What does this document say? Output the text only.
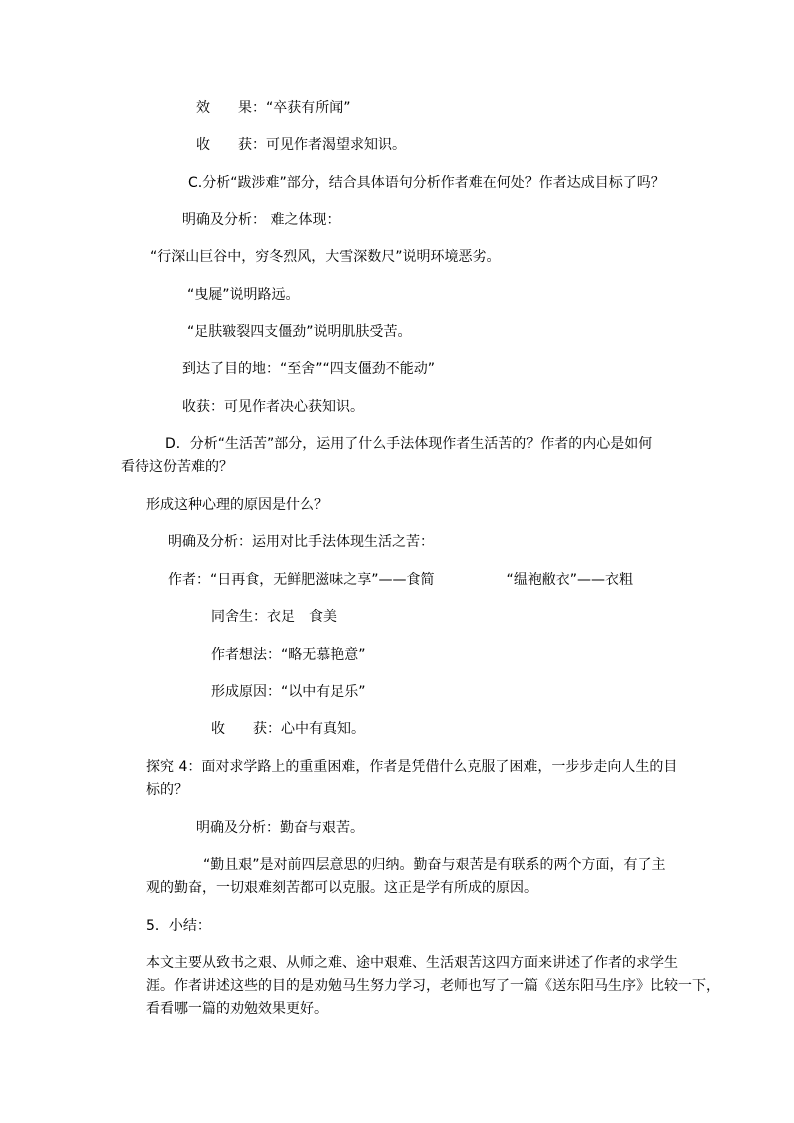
效 果：“卒获有所闻”

收 获：可见作者渴望求知识。

C.分析“跋涉难”部分，结合具体语句分析作者难在何处？作者达成目标了吗？

明确及分析： 难之体现：

“行深山巨谷中，穷冬烈风，大雪深数尺”说明环境恶劣。

“曳屣”说明路远。

“足肤皲裂四支僵劲”说明肌肤受苦。

到达了目的地：“至舍”“四支僵劲不能动”

收获：可见作者决心获知识。

D．分析“生活苦”部分，运用了什么手法体现作者生活苦的？作者的内心是如何

看待这份苦难的？

形成这种心理的原因是什么？

明确及分析：运用对比手法体现生活之苦：

作者：“日再食，无鲜肥滋味之享”——食简	“缊袍敝衣”——衣粗

同舍生：衣足 食美

作者想法：“略无慕艳意”

形成原因：“以中有足乐”

收 获：心中有真知。

探究 4：面对求学路上的重重困难，作者是凭借什么克服了困难，一步步走向人生的目

标的？

明确及分析：勤奋与艰苦。

“勤且艰”是对前四层意思的归纳。勤奋与艰苦是有联系的两个方面，有了主

观的勤奋，一切艰难刻苦都可以克服。这正是学有所成的原因。

5．小结：

本文主要从致书之艰、从师之难、途中艰难、生活艰苦这四方面来讲述了作者的求学生

涯。作者讲述这些的目的是劝勉马生努力学习，老师也写了一篇《送东阳马生序》比较一下，

看看哪一篇的劝勉效果更好。
